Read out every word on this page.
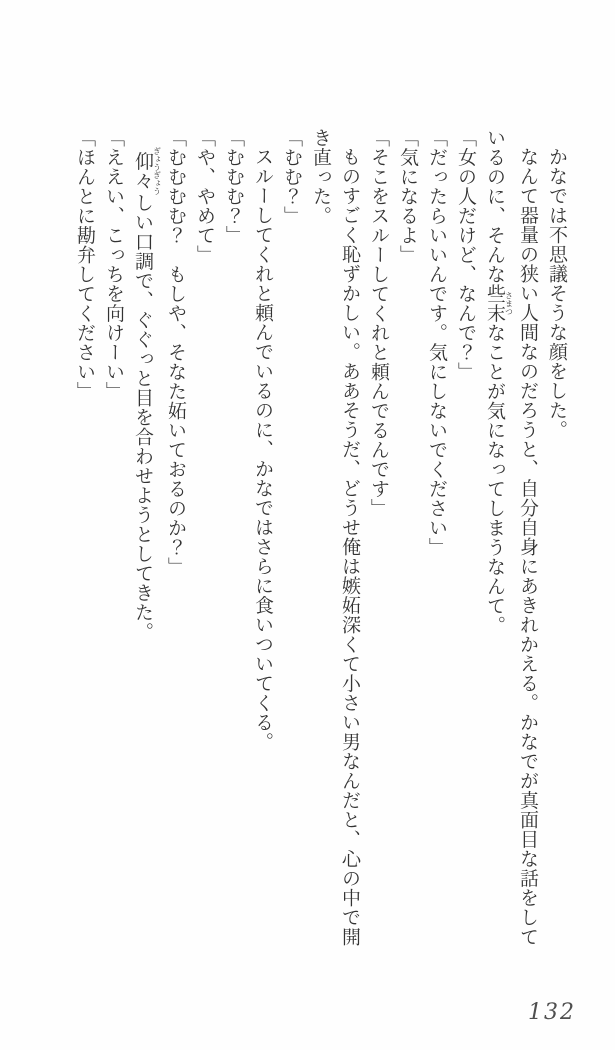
かなでは不思議そうな顔をした。

なんて器量の狭い人間なのだろうと、自分自身にあきれかえる。かなでが真面目な話をして

いるのに、そんな些末さまつなことが気になってしまうなんて。

「女の人だけど、なんで？」

「だったらいいんです。気にしないでください」

「気になるよ」

「そこをスルーしてくれと頼んでるんです」

ものすごく恥ずかしい。ああそうだ、どうせ俺は嫉妬深くて小さい男なんだと、心の中で開

き直った。

「むむ？」

スルーしてくれと頼んでいるのに、かなではさらに食いついてくる。

「むむむ？」

「や、やめて」

「むむむむ？　もしや、そなた妬いておるのか？」

仰々ぎょうぎょうしい口調で、ぐぐっと目を合わせようとしてきた。

「ええい、こっちを向けーい」

「ほんとに勘弁してください」

132
